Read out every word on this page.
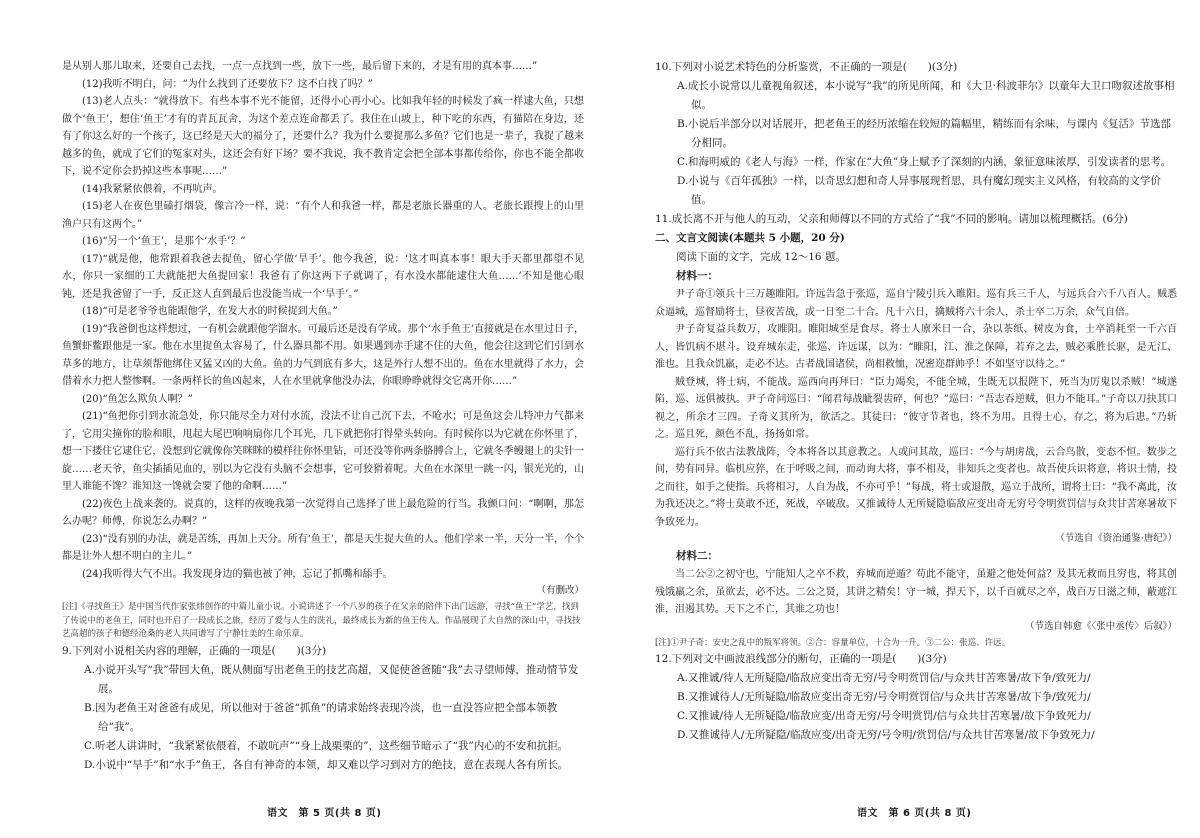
是从别人那儿取来，还要自己去找，一点一点找到一些，放下一些，最后留下来的，才是有用的真本事……”

(12)我听不明白，问：“为什么找到了还要放下？这不白找了吗？”

(13)老人点头：“就得放下。有些本事不光不能留，还得小心再小心。比如我年轻的时候发了疯一样逮大鱼，只想做个‘鱼王’，想住‘鱼王’才有的青瓦瓦舍，为这个差点连命都丢了。我住在山坡上，种下吃的东西，有猫陪在身边，还有了你这么好的一个孩子，这已经是天大的福分了，还要什么？我为什么要捉那么多鱼？它们也是一辈子，我捉了越来越多的鱼，就成了它们的冤家对头，这还会有好下场？要不我说，我不教肯定会把全部本事都传给你，你也不能全都收下，说不定你会扔掉这些本事呢……”

(14)我紧紧依偎着，不再吭声。

(15)老人在夜色里磕打烟袋，像言冷一样，说：“有个人和我爸一样，都是老旅长器重的人。老旅长跟搜上的山里渔户只有这两个。”

(16)“另一个‘鱼王’，是那个‘水手’？”

(17)“就是他，他常跟着我爸去捉鱼，留心学做‘旱手’。他今我爸，说：‘这才叫真本事！眼大手天都里都望不见水，你只一家细的工夫就能把大鱼提回家！我爸有了你这两下子就调了，有水没水都能逮住大鱼……’不知是他心眼钝，还是我爸留了一手，反正这人直到最后也没能当成一个‘旱手’。”

(18)“可是老爷爷也能跟他学，在发大水的时候捉到大鱼。”

(19)“我爸倒也这样想过，一有机会就跟他学溜水。可最后还是没有学成。那个‘水手鱼王’直接就是在水里过日子，鱼蟹虾鳖跟他是一家。他在水里捉鱼太容易了，什么器具都不用。如果遇到赤手逮不住的大鱼，他会往这到它们引到水草多的地方，让草须帮他绑住又猛又凶的大鱼。鱼的力气到底有多大，这是外行人想不出的。鱼在水里就得了水力，会借着水力把人整惨啊。一条两样长的鱼凶起来，人在水里就拿他没办法，你眼睁睁就得交它离开你……”

(20)“鱼怎么欺负人啊？”

(21)“鱼把你引到水流急处，你只能尽全力对付水流，没法不让自己沉下去，不呛水；可是鱼这会儿特冲力气都来了，它用尖撞你的脸和眼，甩起大尾巴响响扇你几个耳光，几下就把你打得晕头转向。有时候你以为它就在你怀里了，想一下搂住它逮住它，没想到它就像你笑眯眯的模样往你怀里钻，可还没等你两条胳膊合上，它就冬季鳗翅上的尖针一旋……老天爷，鱼尖插插见血的，别以为它没有头脑不会想事，它可狡猾着呢。大鱼在水深里一跳一闪，银光光的，山里人谁能不馋？谁知这一馋就会要了他的命啊……”

(22)夜色上战来袭的。说真的，这样的夜晚我第一次觉得自己选择了世上最危险的行当。我颤口问：“啊啊，那怎么办呢？师傅，你说怎么办啊？”

(23)“没有别的办法，就是苦练，再加上天分。所有‘鱼王’，都是天生捉大鱼的人。他们学来一半，天分一半，个个都是让外人想不明白的主儿。”

(24)我听得大气不出。我发现身边的猫也被了神，忘记了抓嘴和舔手。

（有删改）

[注]《寻找鱼王》是中国当代作家张炜创作的中篇儿童小说。小说讲述了一个八岁的孩子在父亲的陪伴下出门远游，寻找“鱼王”学艺，找到了传说中的老鱼王，同时也开启了一段成长之旅，经历了爱与人生的洗礼，最终成长为新的鱼王传人。作品展现了大自然的深山中，寻找技艺高超的孩子和德经沧桑的老人共同谱写了宁静壮美的生命乐章。

9.下列对小说相关内容的理解，正确的一项是(　　)(3分)

A.小说开头写“我”带回大鱼，既从侧面写出老鱼王的技艺高超，又促使爸爸随“我”去寻望师傅，推动情节发展。

B.因为老鱼王对爸爸有成见，所以他对于爸爸“抓鱼”的请求始终表现冷淡，也一直没答应把全部本领教给“我”。

C.听老人讲讲时，“我紧紧依偎着，不敢吭声”“身上战栗栗的”，这些细节暗示了“我”内心的不安和抗拒。

D.小说中“旱手”和“水手”鱼王，各自有神奇的本领，却又难以学习到对方的绝技，意在表现人各有所长。

10.下列对小说艺术特色的分析鉴赏，不正确的一项是(　　)(3分)

A.成长小说常以儿童视角叙述，本小说写“我”的所见所闻，和《大卫·科波菲尔》以童年大卫口吻叙述故事相似。

B.小说后半部分以对话展开，把老鱼王的经历浓缩在较短的篇幅里，精练而有余味，与课内《复活》节选部分相同。

C.和海明威的《老人与海》一样，作家在“大鱼”身上赋予了深刻的内涵，象征意味浓厚，引发读者的思考。

D.小说与《百年孤独》一样，以奇思幻想和奇人异事展现哲思，具有魔幻现实主义风格，有较高的文学价值。

11.成长离不开与他人的互动，父亲和师傅以不同的方式给了“我”不同的影响。请加以梳理概括。(6分)

二、文言文阅读(本题共 5 小题，20 分)

阅读下面的文字，完成 12～16 题。

材料一：

尹子奇①领兵十三万趣睢阳。许远告急于张巡，巡自宁陵引兵入睢阳。巡有兵三千人，与远兵合六千八百人。贼悉众逼城，巡督励将士，昼夜苦战，或一日至二十合。凡十六日，擒贼将六十余人，杀士卒二万余，众气自倍。

尹子奇复益兵数万，攻睢阳。睢阳城至是食尽。将士人廪米日一合，杂以茶纸、树皮为食，士卒消耗至一千六百人，皆饥病不堪斗。设弃城东走，张巡、许远谋，以为：“睢阳，江、淮之保障，若弃之去，贼必乘胜长驱，是无江、淮也。且我众饥羸，走必不达。古者战国诸侯，尚相救恤，况密迩群帅乎！不如坚守以待之。”

贼登城，将士病，不能战。巡西向再拜曰：“臣力竭矣，不能全城，生既无以报陛下，死当为厉鬼以杀贼！”城遂陷，巡、远俱被执。尹子奇问巡曰：“闻君每战眦裂齿碎，何也？”巡曰：“吾志吞逆贼，但力不能耳。”子奇以刀抉其口视之，所余才三四。子奇义其所为，欲活之。其徒曰：“彼守节者也，终不为用。且得士心，存之，将为后患。”乃斩之。巡且死，颜色不乱，扬扬如常。

巡行兵不依古法教战阵，令本将各以其意教之。人或问其故，巡曰：“今与胡虏战，云合鸟散，变态不恒。数步之间，势有同异。临机应猝，在于呼吸之间，而动询大将，事不相及，非知兵之变者也。故吾使兵识将意，将识士情，投之而往，如手之使指。兵将相习，人自为战，不亦可乎！”每战，将士或退散，巡立于战所，谓将士曰：“我不离此，汝为我还决之。”将士莫敢不还，死战，卒破敌。又推诚待人无所疑隐临敌应变出奇无穷号令明赏罚信与众共甘苦寒暑故下争致死力。

（节选自《资治通鉴·唐纪》）

材料二：

当二公②之初守也，宁能知人之卒不救，弃城而逆遁？苟此不能守，虽避之他处何益？及其无救而且穷也，将其创残饿羸之余，虽欲去，必不达。二公之贤，其讲之精矣！守一城，捍天下，以千百就尽之卒，战百万日滋之师，蔽遮江淮，沮遏其势。天下之不亡，其谁之功也！

（节选自韩愈《〈张中丞传〉后叙》）

[注]①尹子奇：安史之乱中的叛军将领。②合：容量单位，十合为一升。③二公：张巡、许远。

12.下列对文中画波浪线部分的断句，正确的一项是(　　)(3分)

A.又推诚/待人无所疑隐/临敌应变出奇无穷/号令明赏罚信/与众共甘苦寒暑/故下争/致死力/

B.又推诚待人/无所疑隐/临敌应变出奇无穷/号令明赏罚信/与众共甘苦寒暑/故下争/致死力/

C.又推诚/待人无所疑隐/临敌应变/出奇无穷/号令明赏罚/信与众共甘苦寒暑/故下争致死力/

D.又推诚待人/无所疑隐/临敌应变/出奇无穷/号令明/赏罚信/与众共甘苦寒暑/故下争致死力/

语文　第 5 页(共 8 页)	语文　第 6 页(共 8 页)
